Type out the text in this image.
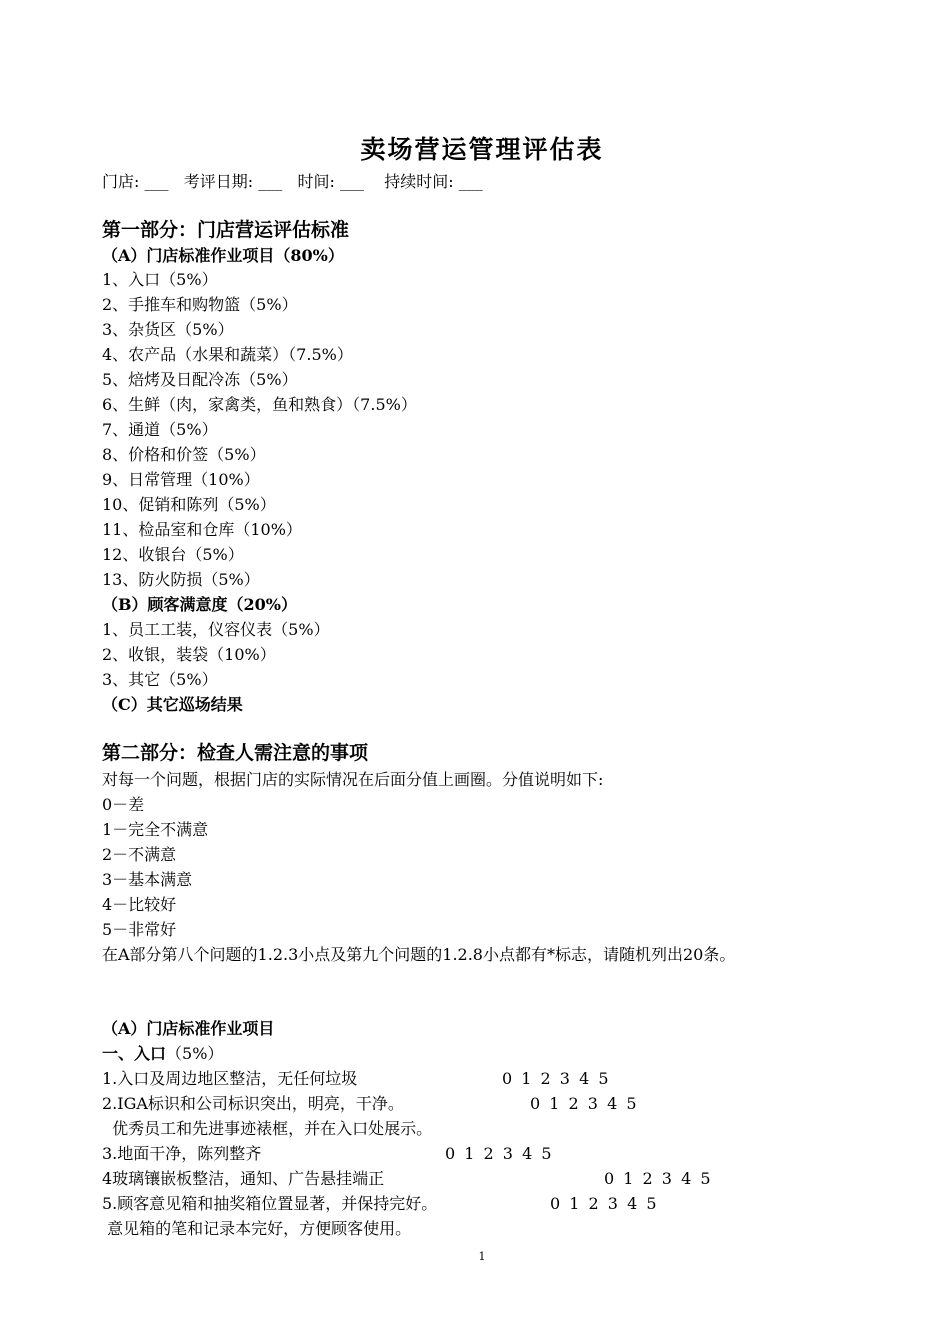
卖场营运管理评估表
门店: ___   考评日期: ___   时间: ___    持续时间: ___
第一部分：门店营运评估标准
（A）门店标准作业项目（80%）
1、入口（5%）
2、手推车和购物篮（5%）
3、杂货区（5%）
4、农产品（水果和蔬菜）（7.5%）
5、焙烤及日配冷冻（5%）
6、生鲜（肉，家禽类，鱼和熟食）（7.5%）
7、通道（5%）
8、价格和价签（5%）
9、日常管理（10%）
10、促销和陈列（5%）
11、检品室和仓库（10%）
12、收银台（5%）
13、防火防损（5%）
（B）顾客满意度（20%）
1、员工工装，仪容仪表（5%）
2、收银，装袋（10%）
3、其它（5%）
（C）其它巡场结果
第二部分：检查人需注意的事项
对每一个问题，根据门店的实际情况在后面分值上画圈。分值说明如下:
0－差
1－完全不满意
2－不满意
3－基本满意
4－比较好
5－非常好
在A部分第八个问题的1.2.3小点及第九个问题的1.2.8小点都有*标志，请随机列出20条。
（A）门店标准作业项目
一、入口（5%）
1.入口及周边地区整洁，无任何垃圾	0 1 2 3 4 5
2.IGA标识和公司标识突出，明亮，干净。	0 1 2 3 4 5
优秀员工和先进事迹裱框，并在入口处展示。
3.地面干净，陈列整齐	0 1 2 3 4 5
4玻璃镶嵌板整洁，通知、广告悬挂端正	0 1 2 3 4 5
5.顾客意见箱和抽奖箱位置显著，并保持完好。	0 1 2 3 4 5
意见箱的笔和记录本完好，方便顾客使用。
1
